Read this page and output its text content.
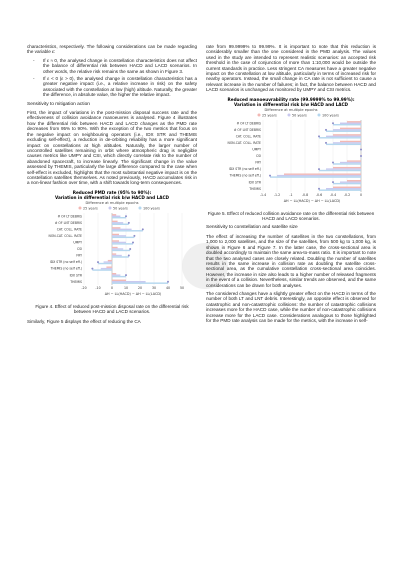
characteristics, respectively. The following considerations can be made regarding the variable ε:

-	If ε ≈ 0, the analysed change in constellation characteristics does not affect the balance of differential risk between HACD and LACD scenarios. In other words, the relative risk remains the same as shown in Figure 3.
-	If ε < 0 (ε > 0), the analysed change in constellation characteristics has a greater negative impact (i.e., a relative increase in risk) on the safety associated with the constellation at low (high) altitude. Naturally, the greater the difference, in absolute value, the higher the relative impact.
Sensitivity to mitigation action

First, the impact of variations in the post-mission disposal success rate and the effectiveness of collision avoidance manoeuvres is analysed. Figure 4 illustrates how the differential risk between HACD and LACD changes as the PMD rate decreases from 95% to 90%. With the exception of the two metrics that focus on the negative impact on neighbouring operators (i.e., IDX STR and THEMIS excluding self-effect), a reduction in de-orbiting reliability has a more significant impact on constellations at high altitudes. Naturally, the larger number of uncontrolled satellites remaining in orbit where atmospheric drag is negligible causes metrics like UMPY and CSI, which directly correlate risk to the number of abandoned spacecraft, to increase linearly. The significant change in the value assessed by THEMIS, particularly the large difference compared to the case when self-effect is excluded, highlights that the most substantial negative impact is on the constellation satellites themselves. As noted previously, HACD accumulates risk in a non-linear fashion over time, with a shift towards long-term consequences.

Reduced PMD rate (95% to 90%):
Variation in differential risk b/w HACD and LACD
Difference at multiple epochs
25 years	50 years	100 years
-20	-10	0	10	20	30	40	50
# OF LT DEBRIS
# OF LNT DEBRIS
CAT. COLL. RATE
NON-CAT. COLL. RATE
UMPY
CSI
FRY
IDX STR (no self eff.)
THEMIS (no self eff.)
IDX STR
THEMIS
ΔH − LL(HACD) − ΔH − LL(LACD)
Figure 4. Effect of reduced post-mission disposal rate on the differential risk between HACD and LACD scenarios.

Similarly, Figure 5 displays the effect of reducing the CA

rate from 99.9999% to 99.99%. It is important to note that this reduction is considerably smaller than the one considered in the PMD analysis. The values used in the study are intended to represent realistic scenarios: an accepted risk threshold in the case of conjunction of more than 1:10,000 would be outside the current standards in practice. Less stringent CA measures have a greater negative impact on the constellation at low altitude, particularly in terms of increased risk for nearby operators. Instead, the small change in CA rate is not sufficient to cause a relevant increase in the number of failures; in fact, the balance between HACD and LACD scenarios is unchanged as monitored by UMPY and CSI metrics.

Reduced manoeuvrability rate (99.9999% to 99.99%):
Variation in differential risk b/w HACD and LACD
Difference at multiple epochs
25 years	50 years	100 years
-1.4 -1.2	-1	-0.8 -0.6 -0.4 -0.2	0
# OF LT DEBRIS
# OF LNT DEBRIS
CAT. COLL. RATE
NON-CAT. COLL. RATE
UMPY
CSI
FRY
IDX STR (no self eff.)
THEMIS (no self eff.)
IDX STR
THEMIS
ΔH − LL(HACD) − ΔH − LL(LACD)
Figure 5. Effect of reduced collision avoidance rate on the differential risk between HACD and LACD scenarios.
Sensitivity to constellation and satellite size

The effect of increasing the number of satellites in the two constellations, from 1,000 to 2,000 satellites, and the size of the satellites, from 500 kg to 1,000 kg, is shown in Figure 6 and Figure 7. In the latter case, the cross-sectional area is doubled accordingly to maintain the same area-to-mass ratio. It is important to note that the two analysed cases are closely related. Doubling the number of satellites results in the same increase in collision rate as doubling the satellite cross-sectional area, as the cumulative constellation cross-sectional area coincides. However, the increase in size also leads to a higher number of released fragments in the event of a collision. Nevertheless, similar trends are observed, and the same considerations can be drawn for both analyses.

The considered changes have a slightly greater effect on the HACD in terms of the number of both LT and LNT debris. Interestingly, an opposite effect is observed for catastrophic and non-catastrophic collisions: the number of catastrophic collisions increases more for the HACD case, while the number of non-catastrophic collisions increase more for the LACD case. Considerations analogous to those highlighted for the PMD rate analysis can be made for the metrics, with the increase in self-
